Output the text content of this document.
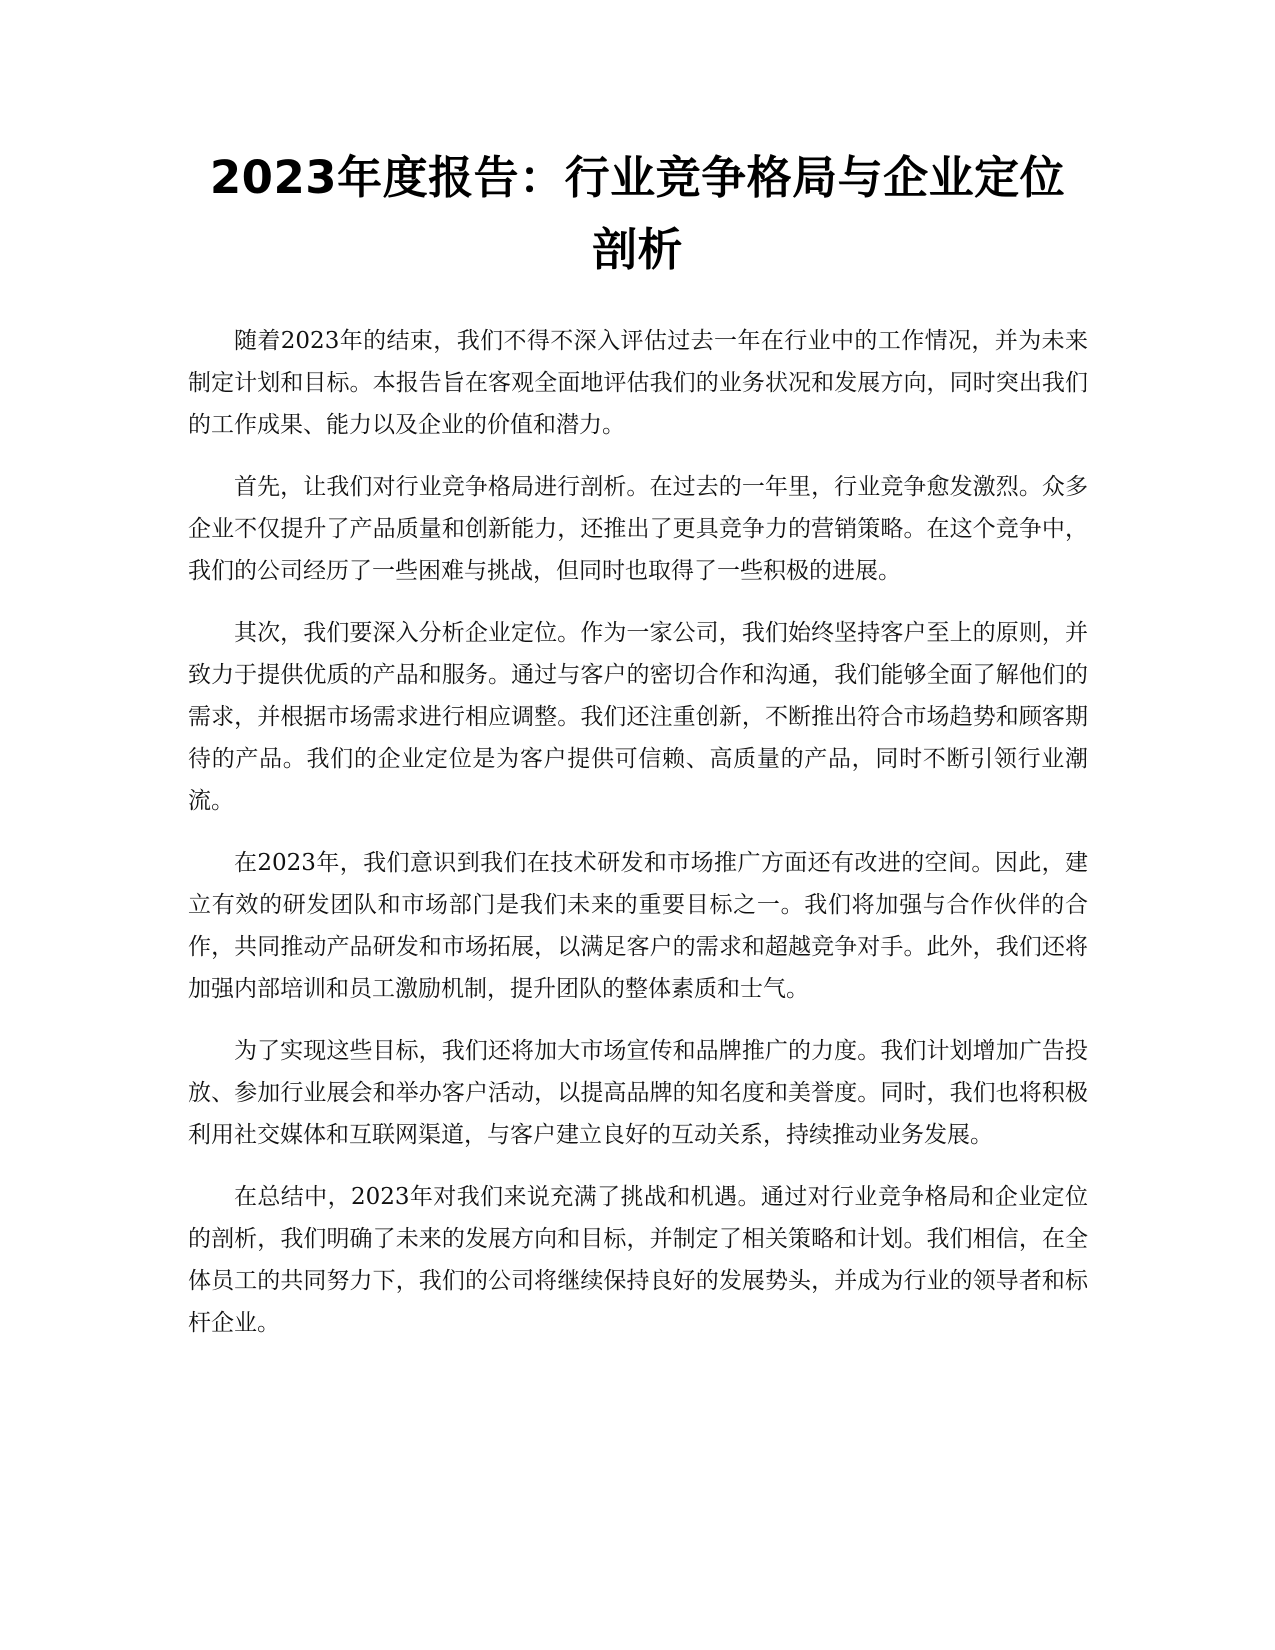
2023年度报告：行业竞争格局与企业定位剖析

随着2023年的结束，我们不得不深入评估过去一年在行业中的工作情况，并为未来制定计划和目标。本报告旨在客观全面地评估我们的业务状况和发展方向，同时突出我们的工作成果、能力以及企业的价值和潜力。

首先，让我们对行业竞争格局进行剖析。在过去的一年里，行业竞争愈发激烈。众多企业不仅提升了产品质量和创新能力，还推出了更具竞争力的营销策略。在这个竞争中，我们的公司经历了一些困难与挑战，但同时也取得了一些积极的进展。

其次，我们要深入分析企业定位。作为一家公司，我们始终坚持客户至上的原则，并致力于提供优质的产品和服务。通过与客户的密切合作和沟通，我们能够全面了解他们的需求，并根据市场需求进行相应调整。我们还注重创新，不断推出符合市场趋势和顾客期待的产品。我们的企业定位是为客户提供可信赖、高质量的产品，同时不断引领行业潮流。

在2023年，我们意识到我们在技术研发和市场推广方面还有改进的空间。因此，建立有效的研发团队和市场部门是我们未来的重要目标之一。我们将加强与合作伙伴的合作，共同推动产品研发和市场拓展，以满足客户的需求和超越竞争对手。此外，我们还将加强内部培训和员工激励机制，提升团队的整体素质和士气。

为了实现这些目标，我们还将加大市场宣传和品牌推广的力度。我们计划增加广告投放、参加行业展会和举办客户活动，以提高品牌的知名度和美誉度。同时，我们也将积极利用社交媒体和互联网渠道，与客户建立良好的互动关系，持续推动业务发展。

在总结中，2023年对我们来说充满了挑战和机遇。通过对行业竞争格局和企业定位的剖析，我们明确了未来的发展方向和目标，并制定了相关策略和计划。我们相信，在全体员工的共同努力下，我们的公司将继续保持良好的发展势头，并成为行业的领导者和标杆企业。
